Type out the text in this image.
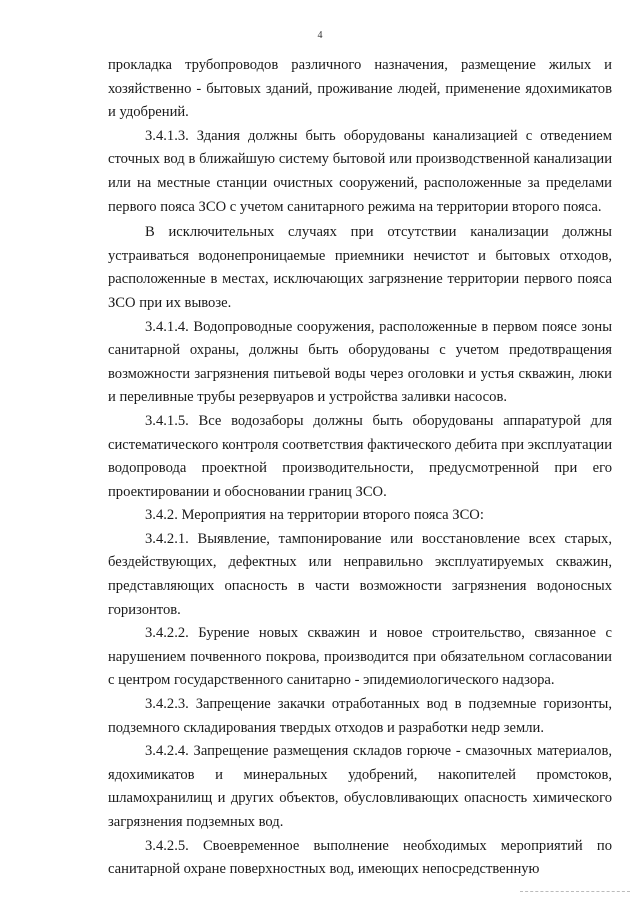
4

прокладка трубопроводов различного назначения, размещение жилых и хозяйственно - бытовых зданий, проживание людей, применение ядохимикатов и удобрений.

3.4.1.3. Здания должны быть оборудованы канализацией с отведением сточных вод в ближайшую систему бытовой или производственной канализации или на местные станции очистных сооружений, расположенные за пределами первого пояса ЗСО с учетом санитарного режима на территории второго пояса.

В исключительных случаях при отсутствии канализации должны устраиваться водонепроницаемые приемники нечистот и бытовых отходов, расположенные в местах, исключающих загрязнение территории первого пояса ЗСО при их вывозе.

3.4.1.4. Водопроводные сооружения, расположенные в первом поясе зоны санитарной охраны, должны быть оборудованы с учетом предотвращения возможности загрязнения питьевой воды через оголовки и устья скважин, люки и переливные трубы резервуаров и устройства заливки насосов.

3.4.1.5. Все водозаборы должны быть оборудованы аппаратурой для систематического контроля соответствия фактического дебита при эксплуатации водопровода проектной производительности, предусмотренной при его проектировании и обосновании границ ЗСО.

3.4.2. Мероприятия на территории второго пояса ЗСО:

3.4.2.1. Выявление, тампонирование или восстановление всех старых, бездействующих, дефектных или неправильно эксплуатируемых скважин, представляющих опасность в части возможности загрязнения водоносных горизонтов.

3.4.2.2. Бурение новых скважин и новое строительство, связанное с нарушением почвенного покрова, производится при обязательном согласовании с центром государственного санитарно - эпидемиологического надзора.

3.4.2.3. Запрещение закачки отработанных вод в подземные горизонты, подземного складирования твердых отходов и разработки недр земли.

3.4.2.4. Запрещение размещения складов горюче - смазочных материалов, ядохимикатов и минеральных удобрений, накопителей промстоков, шламохранилищ и других объектов, обусловливающих опасность химического загрязнения подземных вод.

3.4.2.5. Своевременное выполнение необходимых мероприятий по санитарной охране поверхностных вод, имеющих непосредственную
